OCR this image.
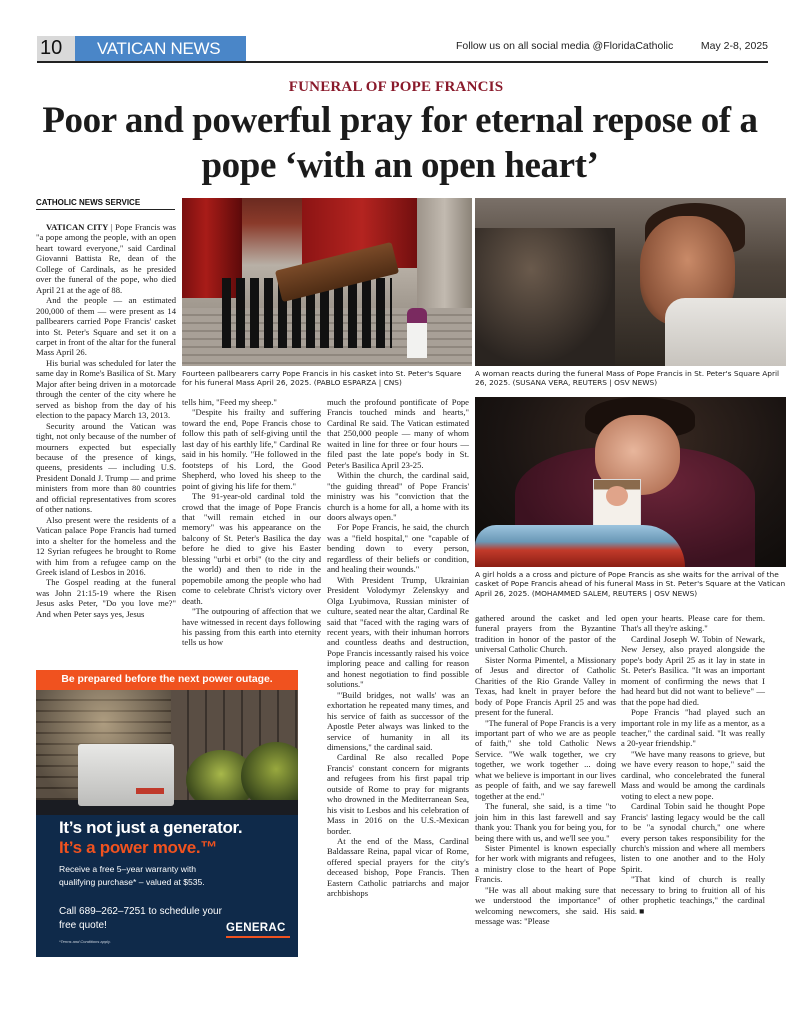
10	VATICAN NEWS	Follow us on all social media @FloridaCatholic	May 2-8, 2025
FUNERAL OF POPE FRANCIS
Poor and powerful pray for eternal repose of a pope ‘with an open heart’
CATHOLIC NEWS SERVICE

VATICAN CITY | Pope Francis was "a pope among the people, with an open heart toward everyone," said Cardinal Giovanni Battista Re, dean of the College of Cardinals, as he presided over the funeral of the pope, who died April 21 at the age of 88.

And the people — an estimated 200,000 of them — were present as 14 pallbearers carried Pope Francis' casket into St. Peter's Square and set it on a carpet in front of the altar for the funeral Mass April 26.

His burial was scheduled for later the same day in Rome's Basilica of St. Mary Major after being driven in a motorcade through the center of the city where he served as bishop from the day of his election to the papacy March 13, 2013.

Security around the Vatican was tight, not only because of the number of mourners expected but especially because of the presence of kings, queens, presidents — including U.S. President Donald J. Trump — and prime ministers from more than 80 countries and official representatives from scores of other nations.

Also present were the residents of a Vatican palace Pope Francis had turned into a shelter for the homeless and the 12 Syrian refugees he brought to Rome with him from a refugee camp on the Greek island of Lesbos in 2016.

The Gospel reading at the funeral was John 21:15-19 where the Risen Jesus asks Peter, "Do you love me?" And when Peter says yes, Jesus

Fourteen pallbearers carry Pope Francis in his casket into St. Peter's Square for his funeral Mass April 26, 2025. (PABLO ESPARZA | CNS)
A woman reacts during the funeral Mass of Pope Francis in St. Peter's Square April 26, 2025. (SUSANA VERA, REUTERS | OSV NEWS)

tells him, "Feed my sheep."

"Despite his frailty and suffering toward the end, Pope Francis chose to follow this path of self-giving until the last day of his earthly life," Cardinal Re said in his homily. "He followed in the footsteps of his Lord, the Good Shepherd, who loved his sheep to the point of giving his life for them."

The 91-year-old cardinal told the crowd that the image of Pope Francis that "will remain etched in our memory" was his appearance on the balcony of St. Peter's Basilica the day before he died to give his Easter blessing "urbi et orbi" (to the city and the world) and then to ride in the popemobile among the people who had come to celebrate Christ's victory over death.

"The outpouring of affection that we have witnessed in recent days following his passing from this earth into eternity tells us how

much the profound pontificate of Pope Francis touched minds and hearts," Cardinal Re said. The Vatican estimated that 250,000 people — many of whom waited in line for three or four hours — filed past the late pope's body in St. Peter's Basilica April 23-25.

Within the church, the cardinal said, "the guiding thread" of Pope Francis' ministry was his "conviction that the church is a home for all, a home with its doors always open."

For Pope Francis, he said, the church was a "field hospital," one "capable of bending down to every person, regardless of their beliefs or condition, and healing their wounds."

With President Trump, Ukrainian President Volodymyr Zelenskyy and Olga Lyubimova, Russian minister of culture, seated near the altar, Cardinal Re said that "faced with the raging wars of recent years, with their inhuman horrors and countless deaths and destruction, Pope Francis incessantly raised his voice imploring peace and calling for reason and honest negotiation to find possible solutions."

"'Build bridges, not walls' was an exhortation he repeated many times, and his service of faith as successor of the Apostle Peter always was linked to the service of humanity in all its dimensions," the cardinal said.

Cardinal Re also recalled Pope Francis' constant concern for migrants and refugees from his first papal trip outside of Rome to pray for migrants who drowned in the Mediterranean Sea, his visit to Lesbos and his celebration of Mass in 2016 on the U.S.-Mexican border.

At the end of the Mass, Cardinal Baldassare Reina, papal vicar of Rome, offered special prayers for the city's deceased bishop, Pope Francis. Then Eastern Catholic patriarchs and major archbishops

A girl holds a a cross and picture of Pope Francis as she waits for the arrival of the casket of Pope Francis ahead of his funeral Mass in St. Peter's Square at the Vatican April 26, 2025. (MOHAMMED SALEM, REUTERS | OSV NEWS)

gathered around the casket and led funeral prayers from the Byzantine tradition in honor of the pastor of the universal Catholic Church.

Sister Norma Pimentel, a Missionary of Jesus and director of Catholic Charities of the Rio Grande Valley in Texas, had knelt in prayer before the body of Pope Francis April 25 and was present for the funeral.

"The funeral of Pope Francis is a very important part of who we are as people of faith," she told Catholic News Service. "We walk together, we cry together, we work together ... doing what we believe is important in our lives as people of faith, and we say farewell together at the end."

The funeral, she said, is a time "to join him in this last farewell and say thank you: Thank you for being you, for being there with us, and we'll see you."

Sister Pimentel is known especially for her work with migrants and refugees, a ministry close to the heart of Pope Francis.

"He was all about making sure that we understood the importance" of welcoming newcomers, she said. His message was: "Please

open your hearts. Please care for them. That's all they're asking."

Cardinal Joseph W. Tobin of Newark, New Jersey, also prayed alongside the pope's body April 25 as it lay in state in St. Peter's Basilica. "It was an important moment of confirming the news that I had heard but did not want to believe" — that the pope had died.

Pope Francis "had played such an important role in my life as a mentor, as a teacher," the cardinal said. "It was really a 20-year friendship."

"We have many reasons to grieve, but we have every reason to hope," said the cardinal, who concelebrated the funeral Mass and would be among the cardinals voting to elect a new pope.

Cardinal Tobin said he thought Pope Francis' lasting legacy would be the call to be "a synodal church," one where every person takes responsibility for the church's mission and where all members listen to one another and to the Holy Spirit.

"That kind of church is really necessary to bring to fruition all of his other prophetic teachings," the cardinal said. ■

Be prepared before the next power outage.
It’s not just a generator.
It’s a power move.™
Receive a free 5–year warranty with qualifying purchase* – valued at $535.
Call 689–262–7251 to schedule your free quote!
*Terms and Conditions apply.
GENERAC
